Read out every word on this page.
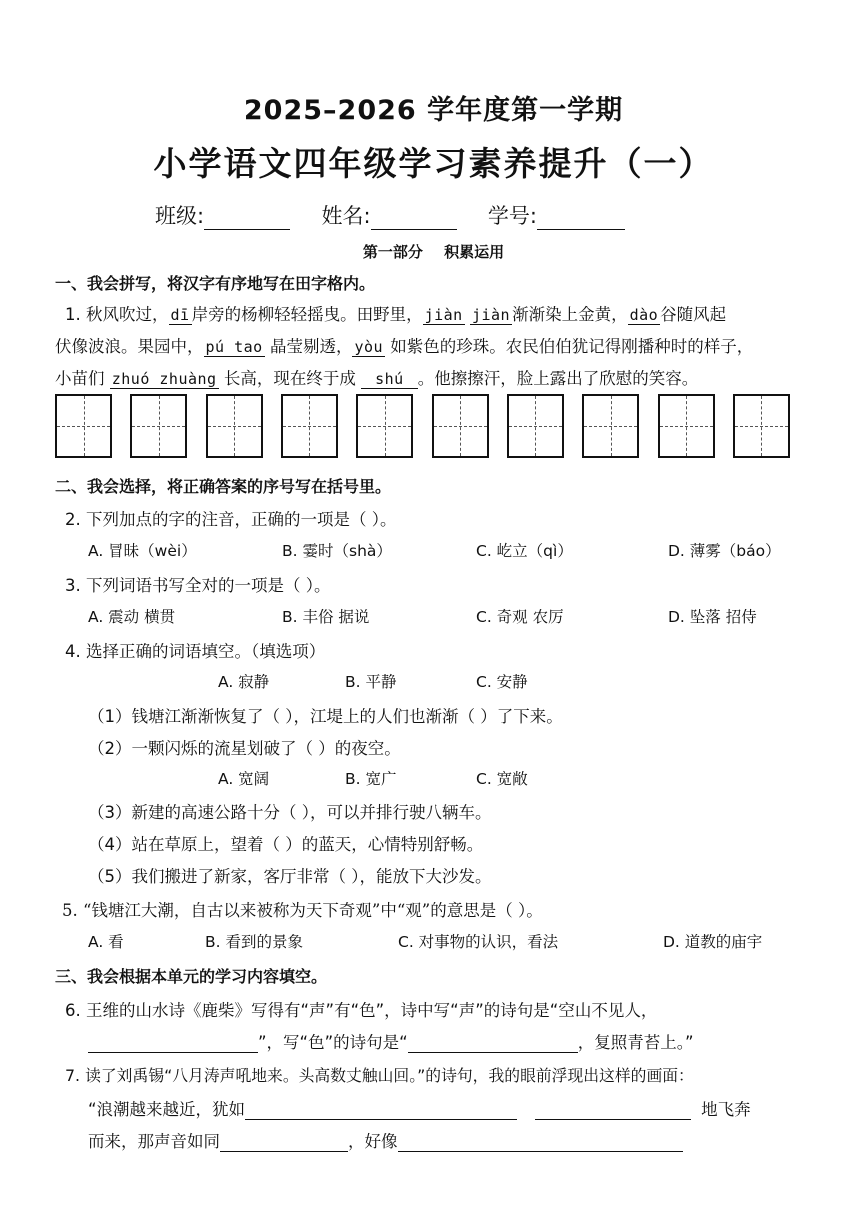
2025–2026 学年度第一学期
小学语文四年级学习素养提升（一）
班级:	姓名:	学号:
第一部分 积累运用
一、我会拼写，将汉字有序地写在田字格内。
1. 秋风吹过， dī 岸旁的杨柳轻轻摇曳。田野里， jiàn jiàn 渐渐染上金黄， dào 谷随风起
伏像波浪。果园中， pú tao 晶莹剔透， yòu 如紫色的珍珠。农民伯伯犹记得刚播种时的样子，
小苗们 zhuó zhuàng 长高，现在终于成 shú 。他擦擦汗，脸上露出了欣慰的笑容。
二、我会选择，将正确答案的序号写在括号里。
2. 下列加点的字的注音，正确的一项是（ ）。
A. 冒昧（wèi）	B. 霎时（shà）	C. 屹立（qì）	D. 薄雾（báo）
3. 下列词语书写全对的一项是（ ）。
A. 震动 横贯	B. 丰俗 据说	C. 奇观 农厉	D. 坠落 招侍
4. 选择正确的词语填空。（填选项）
A. 寂静	B. 平静	C. 安静
（1）钱塘江渐渐恢复了（ ），江堤上的人们也渐渐（ ）了下来。
（2）一颗闪烁的流星划破了（ ）的夜空。
A. 宽阔	B. 宽广	C. 宽敞
（3）新建的高速公路十分（ ），可以并排行驶八辆车。
（4）站在草原上，望着（ ）的蓝天，心情特别舒畅。
（5）我们搬进了新家，客厅非常（ ），能放下大沙发。
5. “钱塘江大潮，自古以来被称为天下奇观”中“观”的意思是（ ）。
A. 看	B. 看到的景象	C. 对事物的认识，看法	D. 道教的庙宇
三、我会根据本单元的学习内容填空。
6. 王维的山水诗《鹿柴》写得有“声”有“色”，诗中写“声”的诗句是“空山不见人，
”，写“色”的诗句是“	，复照青苔上。”
7. 读了刘禹锡“八月涛声吼地来。头高数丈触山回。”的诗句，我的眼前浮现出这样的画面：
“浪潮越来越近，犹如	地飞奔
而来，那声音如同	，好像
